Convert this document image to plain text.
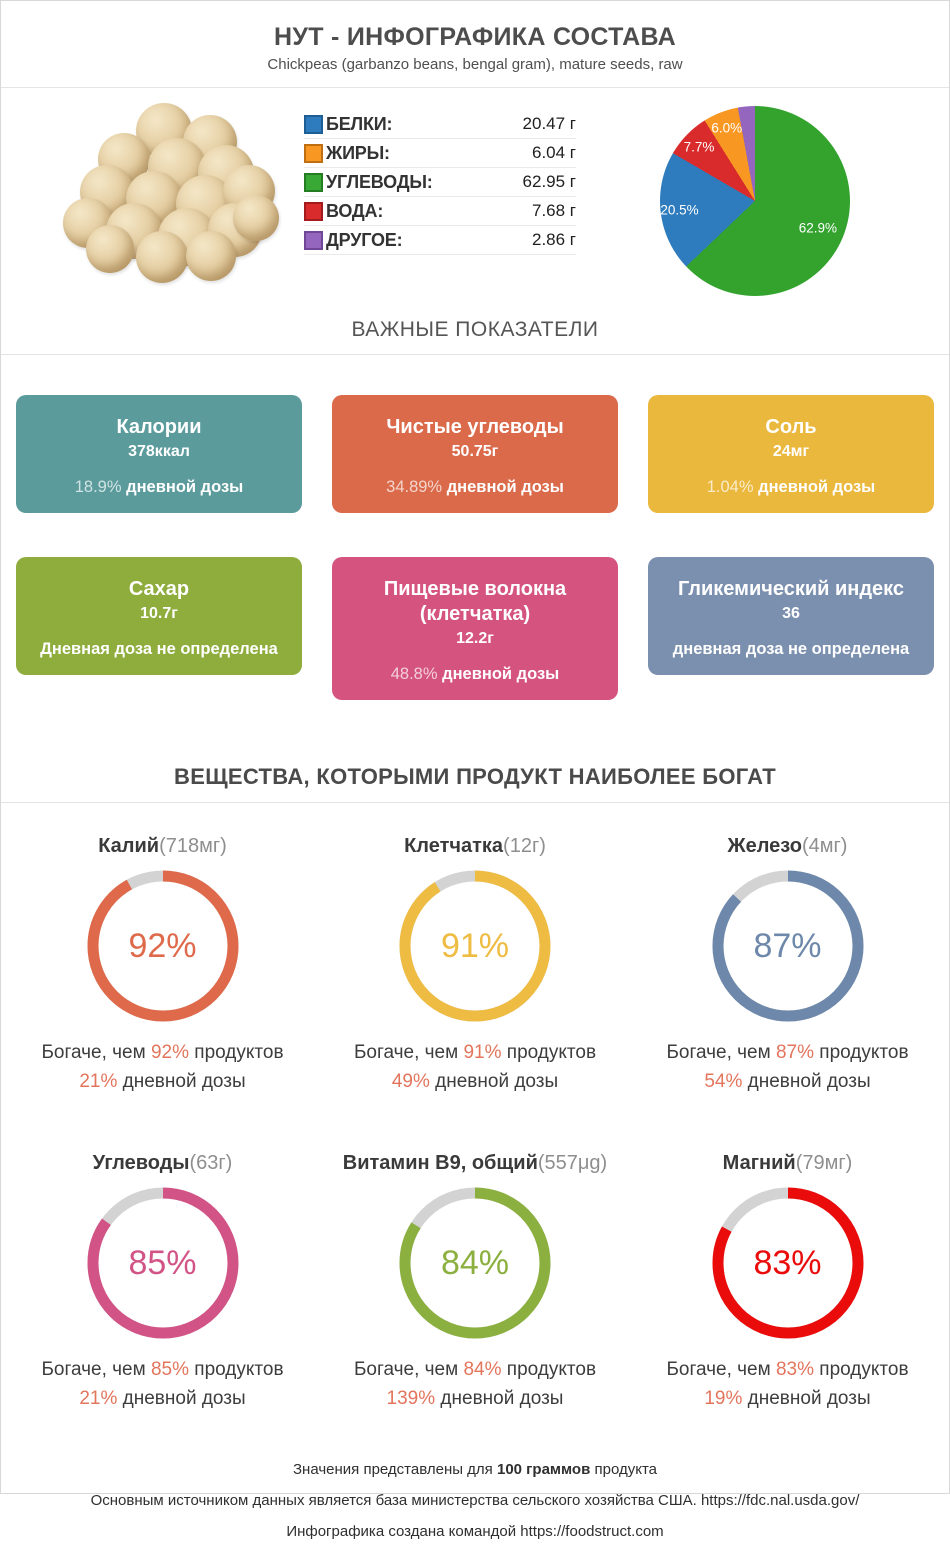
НУТ - ИНФОГРАФИКА СОСТАВА
Chickpeas (garbanzo beans, bengal gram), mature seeds, raw
БЕЛКИ:	20.47 г
ЖИРЫ:	6.04 г
УГЛЕВОДЫ:	62.95 г
ВОДА:	7.68 г
ДРУГОЕ:	2.86 г
62.9%
20.5%
7.7%
6.0%
ВАЖНЫЕ ПОКАЗАТЕЛИ
Калории
378ккал
18.9% дневной дозы
Чистые углеводы
50.75г
34.89% дневной дозы
Соль
24мг
1.04% дневной дозы
Сахар
10.7г
Дневная доза не определена
Пищевые волокна (клетчатка)
12.2г
48.8% дневной дозы
Гликемический индекс
36
дневная доза не определена
ВЕЩЕСТВА, КОТОРЫМИ ПРОДУКТ НАИБОЛЕЕ БОГАТ
Калий(718мг)
92%
Богаче, чем 92% продуктов
21% дневной дозы
Клетчатка(12г)
91%
Богаче, чем 91% продуктов
49% дневной дозы
Железо(4мг)
87%
Богаче, чем 87% продуктов
54% дневной дозы
Углеводы(63г)
85%
Богаче, чем 85% продуктов
21% дневной дозы
Витамин B9, общий(557μg)
84%
Богаче, чем 84% продуктов
139% дневной дозы
Магний(79мг)
83%
Богаче, чем 83% продуктов
19% дневной дозы
Значения представлены для 100 граммов продукта
Основным источником данных является база министерства сельского хозяйства США. https://fdc.nal.usda.gov/
Инфографика создана командой https://foodstruct.com
